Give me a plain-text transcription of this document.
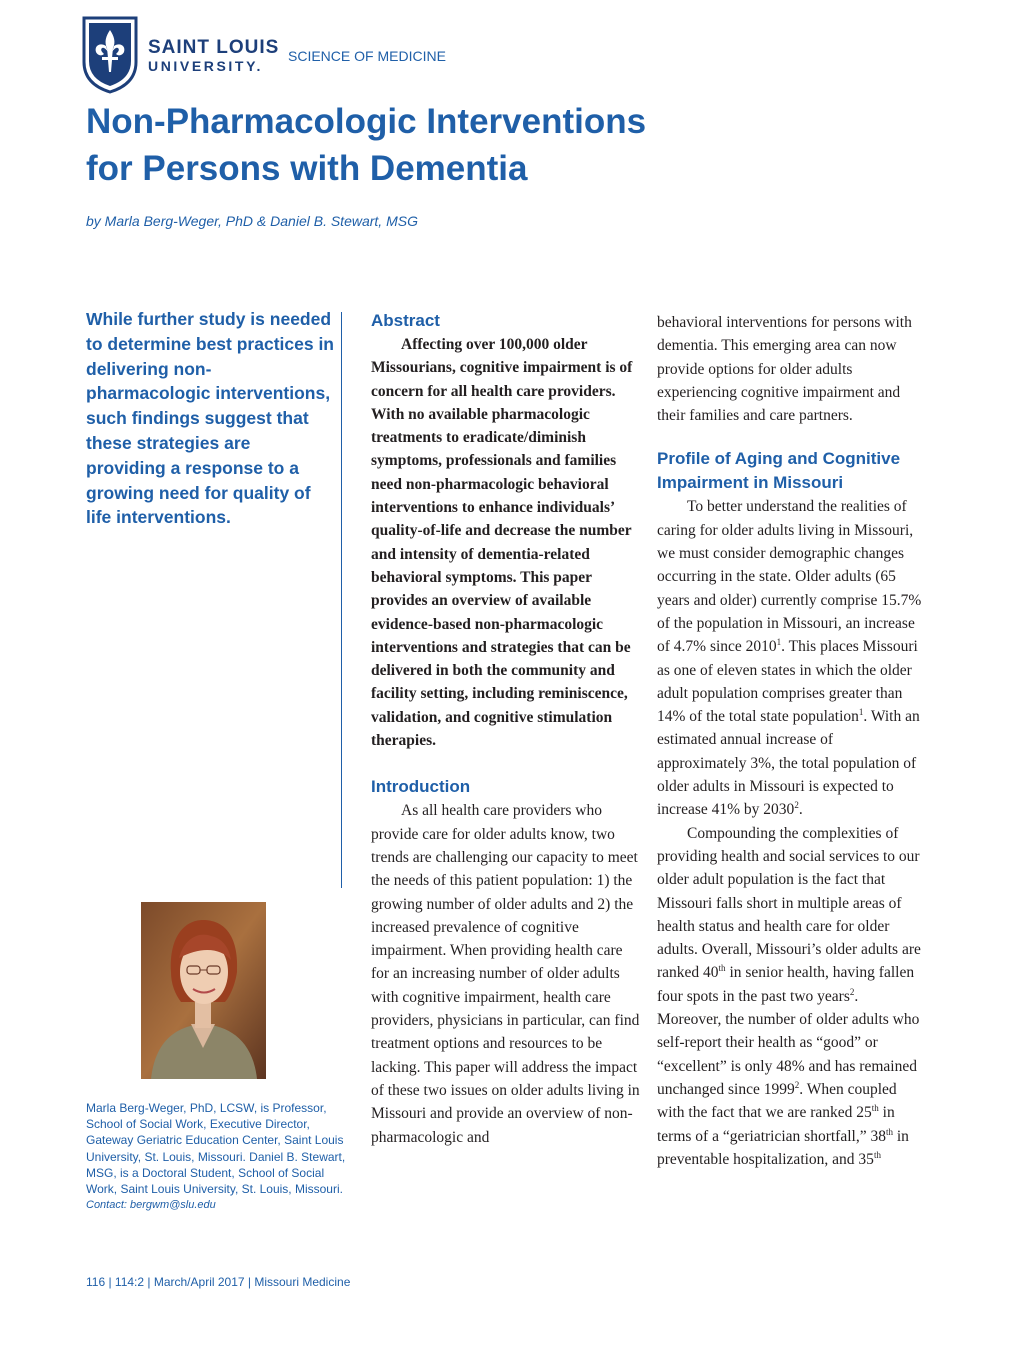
SAINT LOUIS
UNIVERSITY.
SCIENCE OF MEDICINE
Non-Pharmacologic Interventions
for Persons with Dementia
by Marla Berg-Weger, PhD & Daniel B. Stewart, MSG
While further study is needed to determine best practices in delivering non-pharmacologic interventions, such findings suggest that these strategies are providing a response to a growing need for quality of life interventions.
Marla Berg-Weger, PhD, LCSW, is Professor, School of Social Work, Executive Director, Gateway Geriatric Education Center, Saint Louis University, St. Louis, Missouri. Daniel B. Stewart, MSG, is a Doctoral Student, School of Social Work, Saint Louis University, St. Louis, Missouri.
Contact: bergwm@slu.edu
Abstract

Affecting over 100,000 older Missourians, cognitive impairment is of concern for all health care providers. With no available pharmacologic treatments to eradicate/diminish symptoms, professionals and families need non-pharmacologic behavioral interventions to enhance individuals’ quality-of-life and decrease the number and intensity of dementia-related behavioral symptoms. This paper provides an overview of available evidence-based non-pharmacologic interventions and strategies that can be delivered in both the community and facility setting, including reminiscence, validation, and cognitive stimulation therapies.

Introduction

As all health care providers who provide care for older adults know, two trends are challenging our capacity to meet the needs of this patient population: 1) the growing number of older adults and 2) the increased prevalence of cognitive impairment. When providing health care for an increasing number of older adults with cognitive impairment, health care providers, physicians in particular, can find treatment options and resources to be lacking. This paper will address the impact of these two issues on older adults living in Missouri and provide an overview of non-pharmacologic and

behavioral interventions for persons with dementia. This emerging area can now provide options for older adults experiencing cognitive impairment and their families and care partners.

Profile of Aging and Cognitive
Impairment in Missouri

To better understand the realities of caring for older adults living in Missouri, we must consider demographic changes occurring in the state. Older adults (65 years and older) currently comprise 15.7% of the population in Missouri, an increase of 4.7% since 2010$^1$. This places Missouri as one of eleven states in which the older adult population comprises greater than 14% of the total state population$^1$. With an estimated annual increase of approximately 3%, the total population of older adults in Missouri is expected to increase 41% by 2030$^2$.

Compounding the complexities of providing health and social services to our older adult population is the fact that Missouri falls short in multiple areas of health status and health care for older adults. Overall, Missouri’s older adults are ranked 40th in senior health, having fallen four spots in the past two years$^2$. Moreover, the number of older adults who self-report their health as “good” or “excellent” is only 48% and has remained unchanged since 1999$^2$. When coupled with the fact that we are ranked 25th in terms of a “geriatrician shortfall,” 38th in preventable hospitalization, and 35th

116 | 114:2 | March/April 2017 | Missouri Medicine
